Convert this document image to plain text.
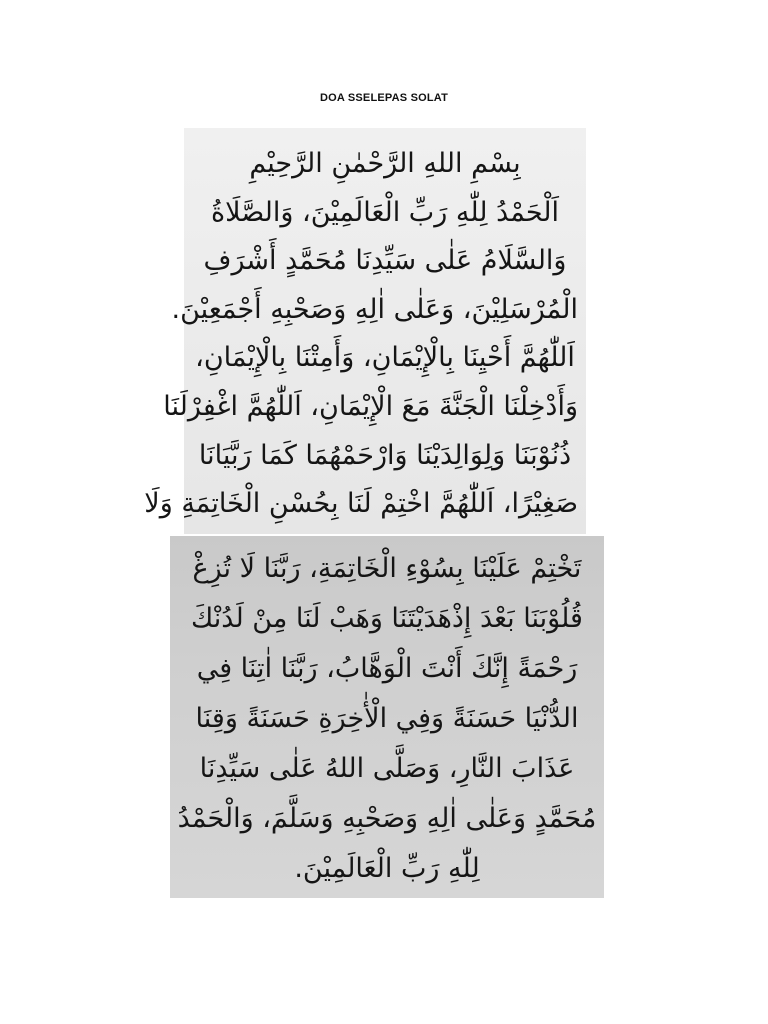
DOA SSELEPAS SOLAT
بِسْمِ اللهِ الرَّحْمٰنِ الرَّحِيْمِ
اَلْحَمْدُ لِلّٰهِ رَبِّ الْعَالَمِيْنَ، وَالصَّلَاةُ
وَالسَّلَامُ عَلٰى سَيِّدِنَا مُحَمَّدٍ أَشْرَفِ
الْمُرْسَلِيْنَ، وَعَلٰى اٰلِهِ وَصَحْبِهِ أَجْمَعِيْنَ.
اَللّٰهُمَّ أَحْيِنَا بِالْإِيْمَانِ، وَأَمِتْنَا بِالْإِيْمَانِ،
وَأَدْخِلْنَا الْجَنَّةَ مَعَ الْإِيْمَانِ، اَللّٰهُمَّ اغْفِرْلَنَا
ذُنُوْبَنَا وَلِوَالِدَيْنَا وَارْحَمْهُمَا كَمَا رَبَّيَانَا
صَغِيْرًا، اَللّٰهُمَّ اخْتِمْ لَنَا بِحُسْنِ الْخَاتِمَةِ وَلَا
تَخْتِمْ عَلَيْنَا بِسُوْءِ الْخَاتِمَةِ، رَبَّنَا لَا تُزِغْ
قُلُوْبَنَا بَعْدَ إِذْهَدَيْتَنَا وَهَبْ لَنَا مِنْ لَدُنْكَ
رَحْمَةً إِنَّكَ أَنْتَ الْوَهَّابُ، رَبَّنَا اٰتِنَا فِي
الدُّنْيَا حَسَنَةً وَفِي الْأٰخِرَةِ حَسَنَةً وَقِنَا
عَذَابَ النَّارِ، وَصَلَّى اللهُ عَلٰى سَيِّدِنَا
مُحَمَّدٍ وَعَلٰى اٰلِهِ وَصَحْبِهِ وَسَلَّمَ، وَالْحَمْدُ
لِلّٰهِ رَبِّ الْعَالَمِيْنَ.
